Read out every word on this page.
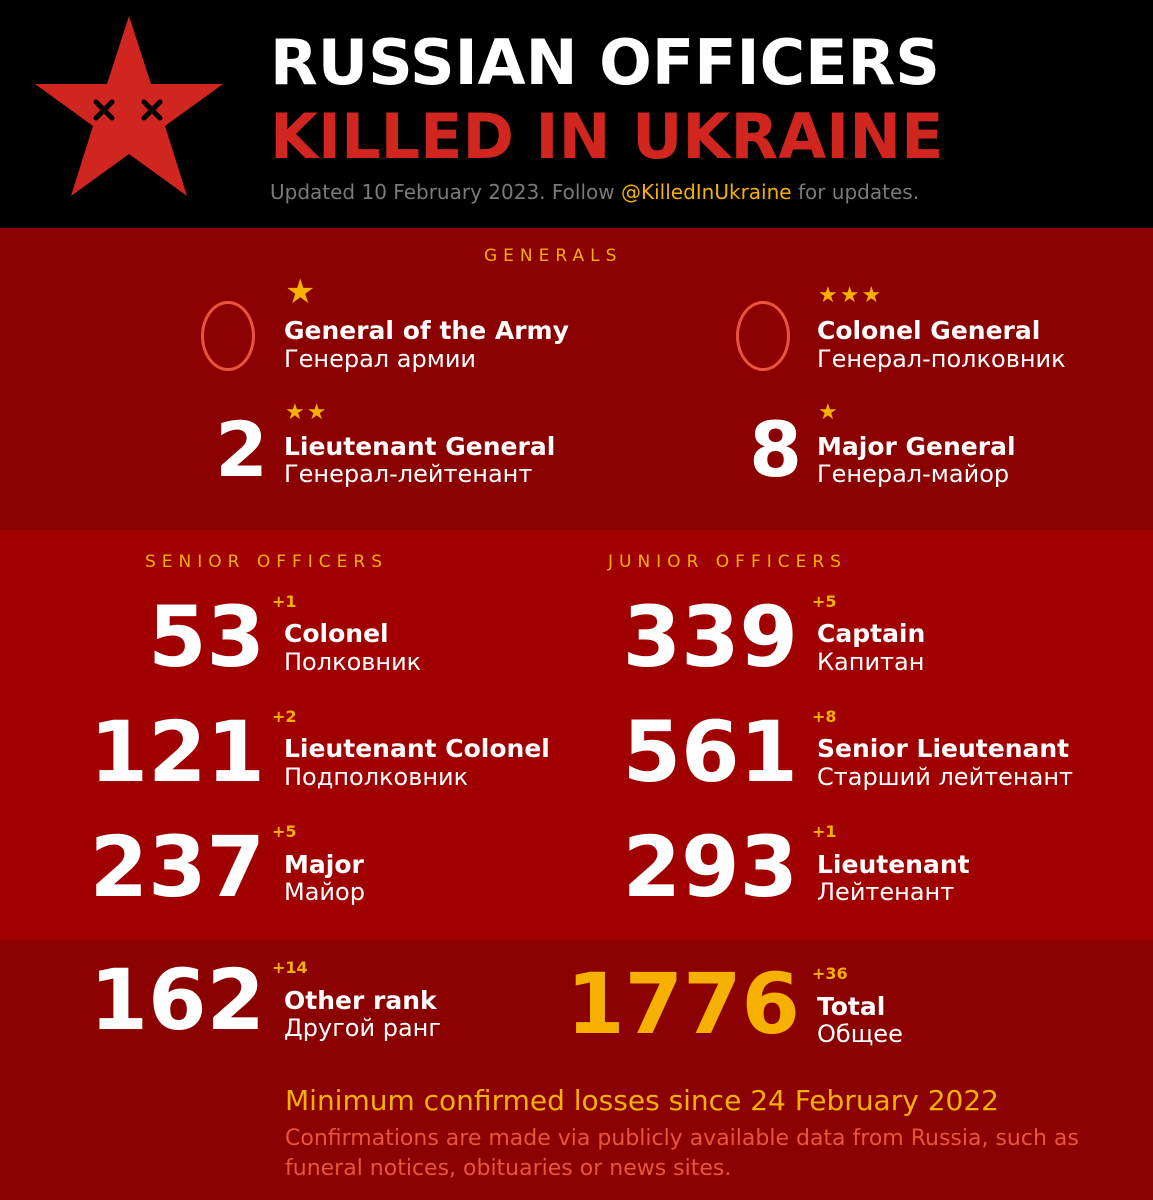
RUSSIAN OFFICERS
KILLED IN UKRAINE
Updated 10 February 2023. Follow @KilledInUkraine for updates.
GENERALS
★
General of the Army
Генерал армии
★★★
Colonel General
Генерал-полковник
2 ★★
Lieutenant General
Генерал-лейтенант	8 ★
Major General
Генерал-майор
SENIOR OFFICERS	JUNIOR OFFICERS
53 +1
Colonel
Полковник
121 +2
Lieutenant Colonel
Подполковник
237 +5
Major
Майор
339 +5
Captain
Капитан
561 +8
Senior Lieutenant
Старший лейтенант
293 +1
Lieutenant
Лейтенант
162 +14
Other rank
Другой ранг	1776 +36
Total
Общее
Minimum confirmed losses since 24 February 2022
Confirmations are made via publicly available data from Russia, such as funeral notices, obituaries or news sites.
